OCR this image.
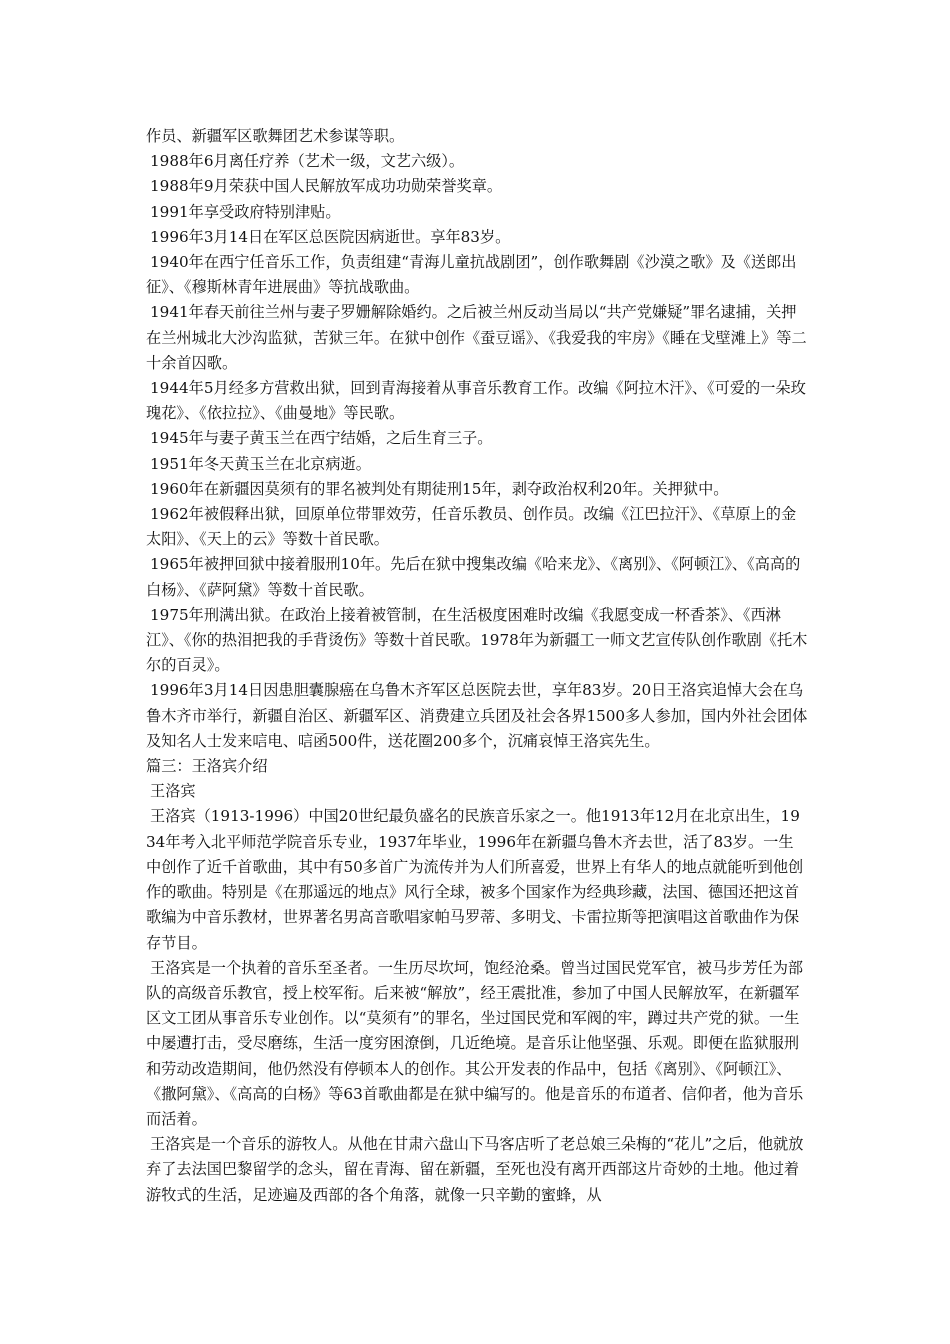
作员、新疆军区歌舞团艺术参谋等职。

1988年6月离任疗养（艺术一级，文艺六级）。

1988年9月荣获中国人民解放军成功功勋荣誉奖章。

1991年享受政府特别津贴。

1996年3月14日在军区总医院因病逝世。享年83岁。

1940年在西宁任音乐工作，负责组建“青海儿童抗战剧团”，创作歌舞剧《沙漠之歌》及《送郎出征》、《穆斯林青年进展曲》等抗战歌曲。

1941年春天前往兰州与妻子罗姗解除婚约。之后被兰州反动当局以“共产党嫌疑”罪名逮捕，关押在兰州城北大沙沟监狱，苦狱三年。在狱中创作《蚕豆谣》、《我爱我的牢房》《睡在戈壁滩上》等二十余首囚歌。

1944年5月经多方营救出狱，回到青海接着从事音乐教育工作。改编《阿拉木汗》、《可爱的一朵玫瑰花》、《依拉拉》、《曲曼地》等民歌。

1945年与妻子黄玉兰在西宁结婚，之后生育三子。

1951年冬天黄玉兰在北京病逝。

1960年在新疆因莫须有的罪名被判处有期徒刑15年，剥夺政治权利20年。关押狱中。

1962年被假释出狱，回原单位带罪效劳，任音乐教员、创作员。改编《江巴拉汗》、《草原上的金太阳》、《天上的云》等数十首民歌。

1965年被押回狱中接着服刑10年。先后在狱中搜集改编《哈来龙》、《离别》、《阿顿江》、《高高的白杨》、《萨阿黛》等数十首民歌。

1975年刑满出狱。在政治上接着被管制，在生活极度困难时改编《我愿变成一杯香茶》、《西淋江》、《你的热泪把我的手背烫伤》等数十首民歌。1978年为新疆工一师文艺宣传队创作歌剧《托木尔的百灵》。

1996年3月14日因患胆囊腺癌在乌鲁木齐军区总医院去世，享年83岁。20日王洛宾追悼大会在乌鲁木齐市举行，新疆自治区、新疆军区、消费建立兵团及社会各界1500多人参加，国内外社会团体及知名人士发来唁电、唁函500件，送花圈200多个，沉痛哀悼王洛宾先生。

篇三：王洛宾介绍

王洛宾

王洛宾（1913-1996）中国20世纪最负盛名的民族音乐家之一。他1913年12月在北京出生，1934年考入北平师范学院音乐专业，1937年毕业，1996年在新疆乌鲁木齐去世，活了83岁。一生中创作了近千首歌曲，其中有50多首广为流传并为人们所喜爱，世界上有华人的地点就能听到他创作的歌曲。特别是《在那遥远的地点》风行全球，被多个国家作为经典珍藏，法国、德国还把这首歌编为中音乐教材，世界著名男高音歌唱家帕马罗蒂、多明戈、卡雷拉斯等把演唱这首歌曲作为保存节目。

王洛宾是一个执着的音乐至圣者。一生历尽坎坷，饱经沧桑。曾当过国民党军官，被马步芳任为部队的高级音乐教官，授上校军衔。后来被“解放”，经王震批准，参加了中国人民解放军，在新疆军区文工团从事音乐专业创作。以“莫须有”的罪名，坐过国民党和军阀的牢，蹲过共产党的狱。一生中屡遭打击，受尽磨练，生活一度穷困潦倒，几近绝境。是音乐让他坚强、乐观。即便在监狱服刑和劳动改造期间，他仍然没有停顿本人的创作。其公开发表的作品中，包括《离别》、《阿顿江》、《撒阿黛》、《高高的白杨》等63首歌曲都是在狱中编写的。他是音乐的布道者、信仰者，他为音乐而活着。

王洛宾是一个音乐的游牧人。从他在甘肃六盘山下马客店听了老总娘三朵梅的“花儿”之后，他就放弃了去法国巴黎留学的念头，留在青海、留在新疆，至死也没有离开西部这片奇妙的土地。他过着游牧式的生活，足迹遍及西部的各个角落，就像一只辛勤的蜜蜂，从
